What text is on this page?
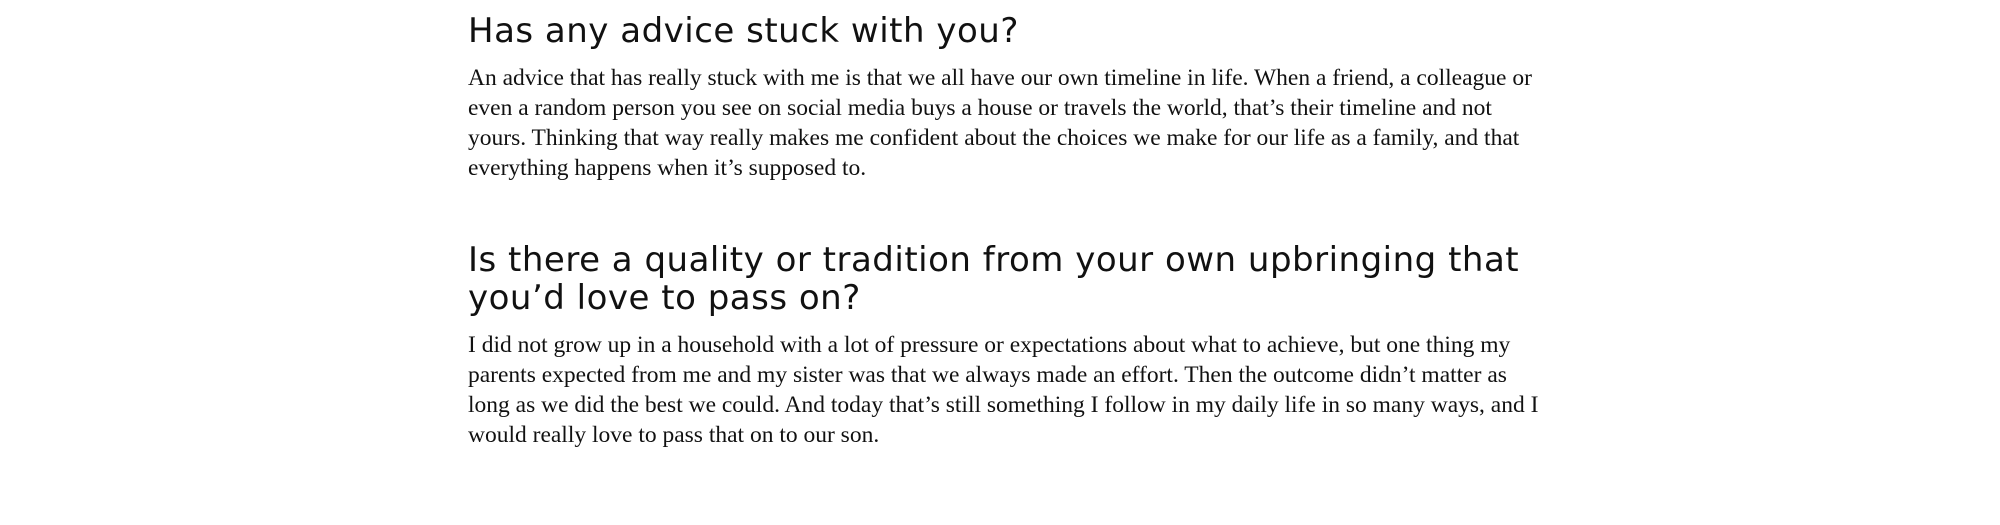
Has any advice stuck with you?

An advice that has really stuck with me is that we all have our own timeline in life. When a friend, a colleague or even a random person you see on social media buys a house or travels the world, that’s their timeline and not yours. Thinking that way really makes me confident about the choices we make for our life as a family, and that everything happens when it’s supposed to.

Is there a quality or tradition from your own upbringing that you’d love to pass on?

I did not grow up in a household with a lot of pressure or expectations about what to achieve, but one thing my parents expected from me and my sister was that we always made an effort. Then the outcome didn’t matter as long as we did the best we could. And today that’s still something I follow in my daily life in so many ways, and I would really love to pass that on to our son.
